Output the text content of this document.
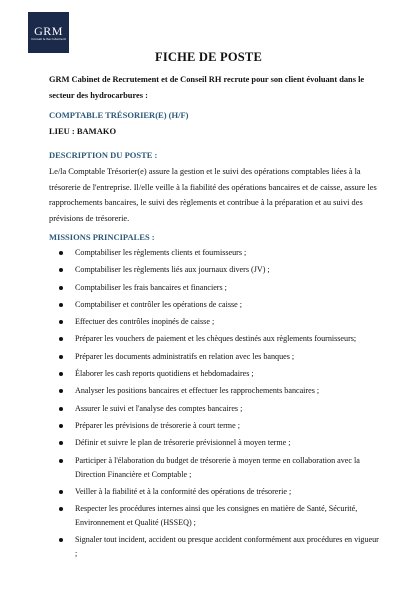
GRM
Conseil & Recrutement
FICHE DE POSTE
GRM Cabinet de Recrutement et de Conseil RH recrute pour son client évoluant dans le secteur des hydrocarbures :
COMPTABLE TRÉSORIER(E) (H/F)
LIEU : BAMAKO
DESCRIPTION DU POSTE :
Le/la Comptable Trésorier(e) assure la gestion et le suivi des opérations comptables liées à la trésorerie de l'entreprise. Il/elle veille à la fiabilité des opérations bancaires et de caisse, assure les rapprochements bancaires, le suivi des règlements et contribue à la préparation et au suivi des prévisions de trésorerie.
MISSIONS PRINCIPALES :
Comptabiliser les règlements clients et fournisseurs ;
Comptabiliser les règlements liés aux journaux divers (JV) ;
Comptabiliser les frais bancaires et financiers ;
Comptabiliser et contrôler les opérations de caisse ;
Effectuer des contrôles inopinés de caisse ;
Préparer les vouchers de paiement et les chèques destinés aux règlements fournisseurs;
Préparer les documents administratifs en relation avec les banques ;
Élaborer les cash reports quotidiens et hebdomadaires ;
Analyser les positions bancaires et effectuer les rapprochements bancaires ;
Assurer le suivi et l'analyse des comptes bancaires ;
Préparer les prévisions de trésorerie à court terme ;
Définir et suivre le plan de trésorerie prévisionnel à moyen terme ;
Participer à l'élaboration du budget de trésorerie à moyen terme en collaboration avec la Direction Financière et Comptable ;
Veiller à la fiabilité et à la conformité des opérations de trésorerie ;
Respecter les procédures internes ainsi que les consignes en matière de Santé, Sécurité, Environnement et Qualité (HSSEQ) ;
Signaler tout incident, accident ou presque accident conformément aux procédures en vigueur ;
